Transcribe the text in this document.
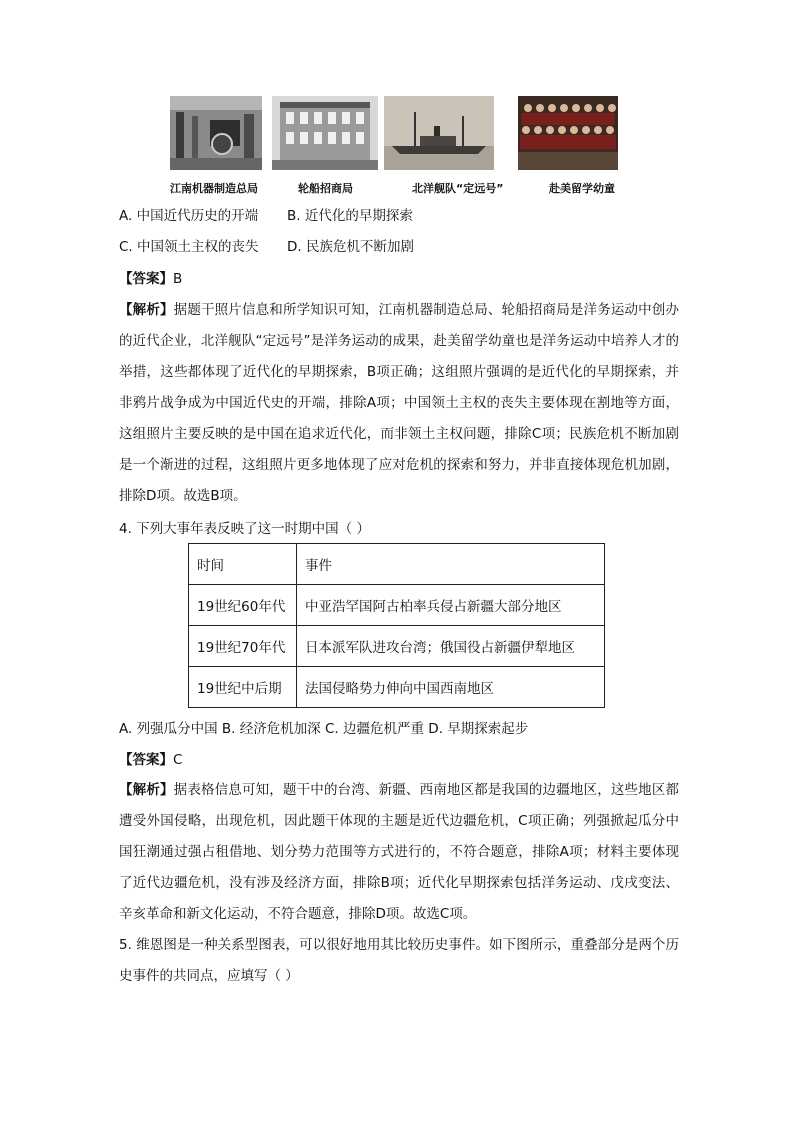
江南机器制造总局	轮船招商局	北洋舰队“定远号”	赴美留学幼童
A. 中国近代历史的开端 B. 近代化的早期探索
C. 中国领土主权的丧失 D. 民族危机不断加剧
【答案】B
【解析】据题干照片信息和所学知识可知，江南机器制造总局、轮船招商局是洋务运动中创办的近代企业，北洋舰队“定远号”是洋务运动的成果，赴美留学幼童也是洋务运动中培养人才的举措，这些都体现了近代化的早期探索，B项正确；这组照片强调的是近代化的早期探索，并非鸦片战争成为中国近代史的开端，排除A项；中国领土主权的丧失主要体现在割地等方面，这组照片主要反映的是中国在追求近代化，而非领土主权问题，排除C项；民族危机不断加剧是一个渐进的过程，这组照片更多地体现了应对危机的探索和努力，并非直接体现危机加剧，排除D项。故选B项。
4. 下列大事年表反映了这一时期中国（ ）
时间	事件
19世纪60年代	中亚浩罕国阿古柏率兵侵占新疆大部分地区
19世纪70年代	日本派军队进攻台湾；俄国役占新疆伊犁地区
19世纪中后期	法国侵略势力伸向中国西南地区
A. 列强瓜分中国 B. 经济危机加深 C. 边疆危机严重 D. 早期探索起步
【答案】C
【解析】据表格信息可知，题干中的台湾、新疆、西南地区都是我国的边疆地区，这些地区都遭受外国侵略，出现危机，因此题干体现的主题是近代边疆危机，C项正确；列强掀起瓜分中国狂潮通过强占租借地、划分势力范围等方式进行的，不符合题意，排除A项；材料主要体现了近代边疆危机，没有涉及经济方面，排除B项；近代化早期探索包括洋务运动、戊戌变法、辛亥革命和新文化运动，不符合题意，排除D项。故选C项。
5. 维恩图是一种关系型图表，可以很好地用其比较历史事件。如下图所示，重叠部分是两个历史事件的共同点，应填写（ ）
